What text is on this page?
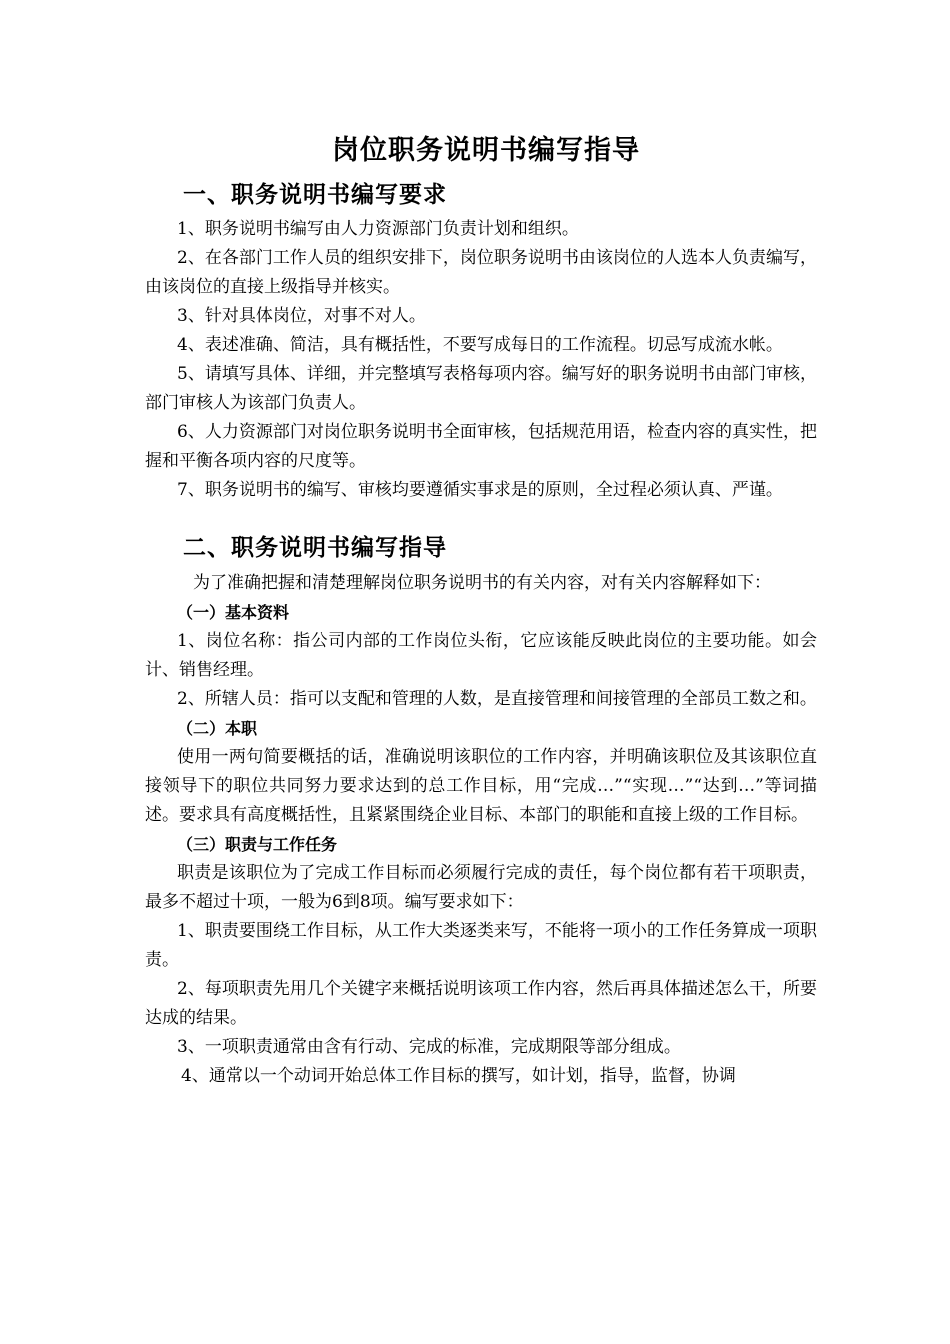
岗位职务说明书编写指导
一、职务说明书编写要求
1、职务说明书编写由人力资源部门负责计划和组织。
2、在各部门工作人员的组织安排下，岗位职务说明书由该岗位的人选本人负责编写，由该岗位的直接上级指导并核实。
3、针对具体岗位，对事不对人。
4、表述准确、简洁，具有概括性，不要写成每日的工作流程。切忌写成流水帐。
5、请填写具体、详细，并完整填写表格每项内容。编写好的职务说明书由部门审核，部门审核人为该部门负责人。
6、人力资源部门对岗位职务说明书全面审核，包括规范用语，检查内容的真实性，把握和平衡各项内容的尺度等。
7、职务说明书的编写、审核均要遵循实事求是的原则，全过程必须认真、严谨。
二、职务说明书编写指导
为了准确把握和清楚理解岗位职务说明书的有关内容，对有关内容解释如下：
（一）基本资料
1、岗位名称：指公司内部的工作岗位头衔，它应该能反映此岗位的主要功能。如会计、销售经理。
2、所辖人员：指可以支配和管理的人数，是直接管理和间接管理的全部员工数之和。
（二）本职
使用一两句简要概括的话，准确说明该职位的工作内容，并明确该职位及其该职位直接领导下的职位共同努力要求达到的总工作目标，用“完成…”“实现…”“达到…”等词描述。要求具有高度概括性，且紧紧围绕企业目标、本部门的职能和直接上级的工作目标。
（三）职责与工作任务
职责是该职位为了完成工作目标而必须履行完成的责任，每个岗位都有若干项职责，最多不超过十项，一般为6到8项。编写要求如下：
1、职责要围绕工作目标，从工作大类逐类来写，不能将一项小的工作任务算成一项职责。
2、每项职责先用几个关键字来概括说明该项工作内容，然后再具体描述怎么干，所要达成的结果。
3、一项职责通常由含有行动、完成的标准，完成期限等部分组成。
4、通常以一个动词开始总体工作目标的撰写，如计划，指导，监督，协调
